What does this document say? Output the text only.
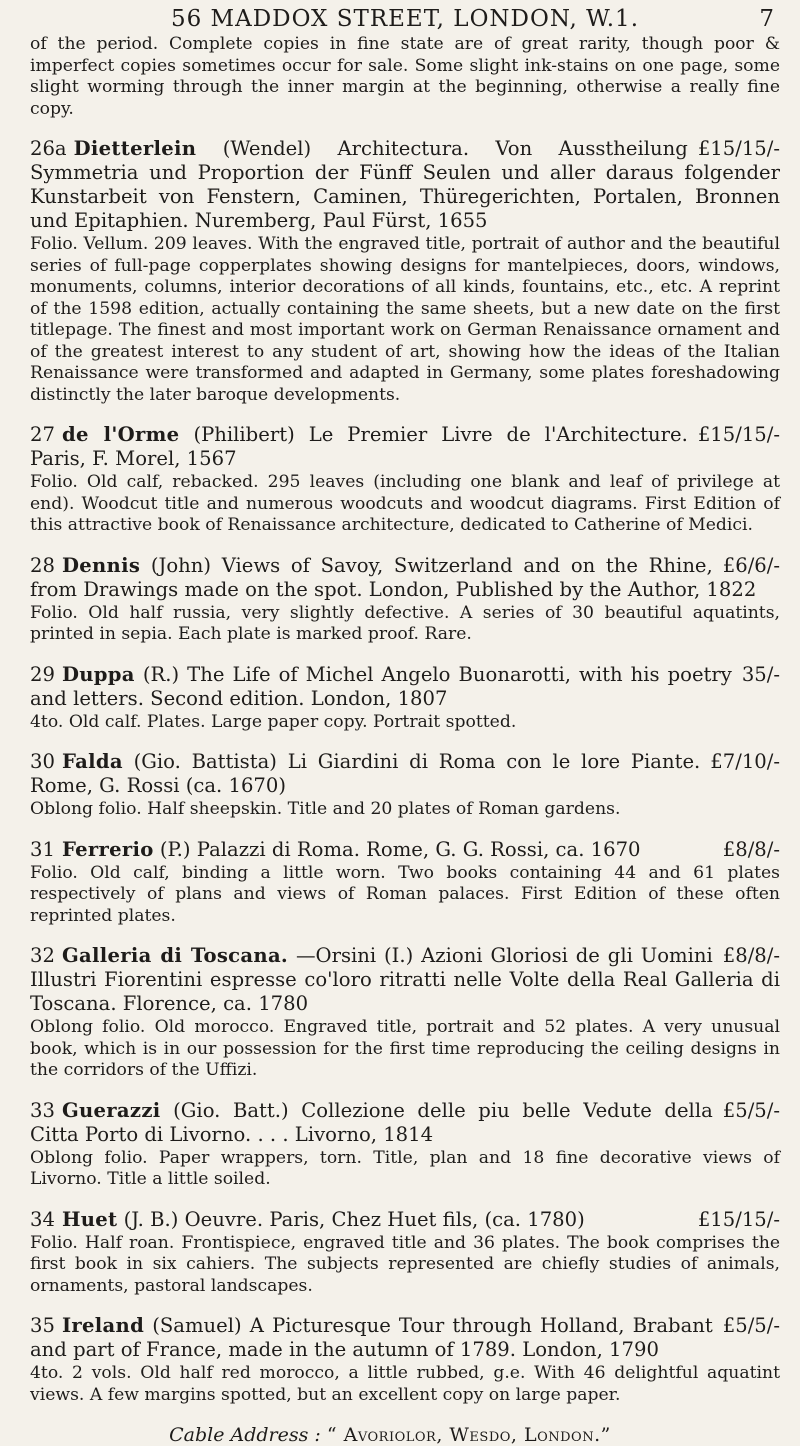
56 MADDOX STREET, LONDON, W.1.	7
of the period. Complete copies in fine state are of great rarity, though poor & imperfect copies sometimes occur for sale. Some slight ink-stains on one page, some slight worming through the inner margin at the beginning, otherwise a really fine copy.
£15/15/-
26a Dietterlein (Wendel) Architectura. Von Ausstheilung Symmetria und Proportion der Fünff Seulen und aller daraus folgender Kunstarbeit von Fenstern, Caminen, Thüregerichten, Portalen, Bronnen und Epitaphien. Nuremberg, Paul Fürst, 1655
Folio. Vellum. 209 leaves. With the engraved title, portrait of author and the beautiful series of full-page copperplates showing designs for mantelpieces, doors, windows, monuments, columns, interior decorations of all kinds, fountains, etc., etc. A reprint of the 1598 edition, actually containing the same sheets, but a new date on the first titlepage. The finest and most important work on German Renaissance ornament and of the greatest interest to any student of art, showing how the ideas of the Italian Renaissance were transformed and adapted in Germany, some plates foreshadowing distinctly the later baroque developments.
£15/15/-
27 de l'Orme (Philibert) Le Premier Livre de l'Architecture. Paris, F. Morel, 1567
Folio. Old calf, rebacked. 295 leaves (including one blank and leaf of privilege at end). Woodcut title and numerous woodcuts and woodcut diagrams. First Edition of this attractive book of Renaissance architecture, dedicated to Catherine of Medici.
£6/6/-
28 Dennis (John) Views of Savoy, Switzerland and on the Rhine, from Drawings made on the spot. London, Published by the Author, 1822
Folio. Old half russia, very slightly defective. A series of 30 beautiful aquatints, printed in sepia. Each plate is marked proof. Rare.
35/-
29 Duppa (R.) The Life of Michel Angelo Buonarotti, with his poetry and letters. Second edition. London, 1807
4to. Old calf. Plates. Large paper copy. Portrait spotted.
£7/10/-
30 Falda (Gio. Battista) Li Giardini di Roma con le lore Piante. Rome, G. Rossi (ca. 1670)
Oblong folio. Half sheepskin. Title and 20 plates of Roman gardens.
£8/8/-
31 Ferrerio (P.) Palazzi di Roma. Rome, G. G. Rossi, ca. 1670
Folio. Old calf, binding a little worn. Two books containing 44 and 61 plates respectively of plans and views of Roman palaces. First Edition of these often reprinted plates.
£8/8/-
32 Galleria di Toscana. —Orsini (I.) Azioni Gloriosi de gli Uomini Illustri Fiorentini espresse co'loro ritratti nelle Volte della Real Galleria di Toscana. Florence, ca. 1780
Oblong folio. Old morocco. Engraved title, portrait and 52 plates. A very unusual book, which is in our possession for the first time reproducing the ceiling designs in the corridors of the Uffizi.
£5/5/-
33 Guerazzi (Gio. Batt.) Collezione delle piu belle Vedute della Citta Porto di Livorno. . . . Livorno, 1814
Oblong folio. Paper wrappers, torn. Title, plan and 18 fine decorative views of Livorno. Title a little soiled.
£15/15/-
34 Huet (J. B.) Oeuvre. Paris, Chez Huet fils, (ca. 1780)
Folio. Half roan. Frontispiece, engraved title and 36 plates. The book comprises the first book in six cahiers. The subjects represented are chiefly studies of animals, ornaments, pastoral landscapes.
£5/5/-
35 Ireland (Samuel) A Picturesque Tour through Holland, Brabant and part of France, made in the autumn of 1789. London, 1790
4to. 2 vols. Old half red morocco, a little rubbed, g.e. With 46 delightful aquatint views. A few margins spotted, but an excellent copy on large paper.
Cable Address : “ Avoriolor, Wesdo, London.”
